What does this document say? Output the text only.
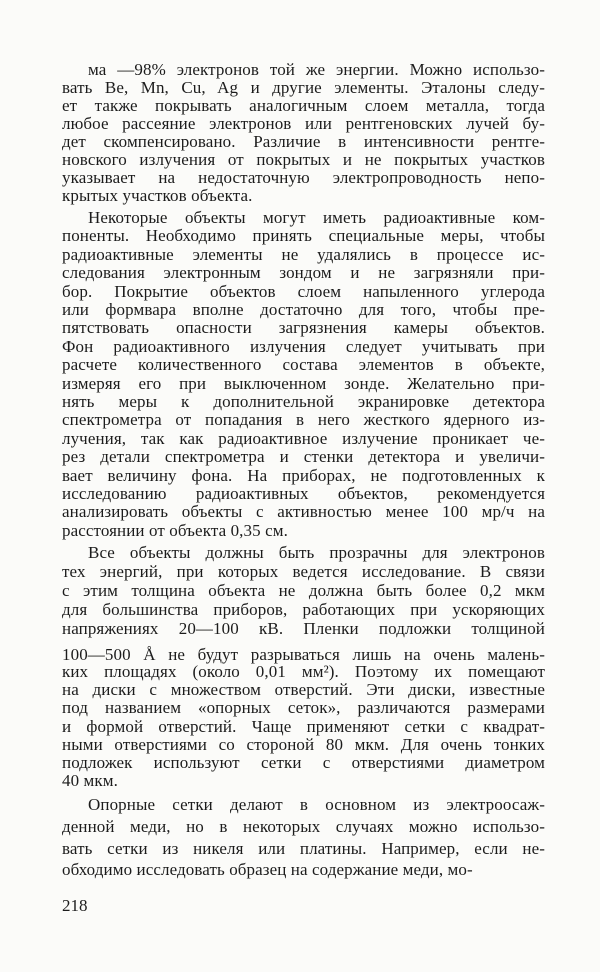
ма —98% электронов той же энергии. Можно использо-
вать Be, Mn, Cu, Ag и другие элементы. Эталоны следу-
ет также покрывать аналогичным слоем металла, тогда
любое рассеяние электронов или рентгеновских лучей бу-
дет скомпенсировано. Различие в интенсивности рентге-
новского излучения от покрытых и не покрытых участков
указывает на недостаточную электропроводность непо-
крытых участков объекта.
Некоторые объекты могут иметь радиоактивные ком-
поненты. Необходимо принять специальные меры, чтобы
радиоактивные элементы не удалялись в процессе ис-
следования электронным зондом и не загрязняли при-
бор. Покрытие объектов слоем напыленного углерода
или формвара вполне достаточно для того, чтобы пре-
пятствовать опасности загрязнения камеры объектов.
Фон радиоактивного излучения следует учитывать при
расчете количественного состава элементов в объекте,
измеряя его при выключенном зонде. Желательно при-
нять меры к дополнительной экранировке детектора
спектрометра от попадания в него жесткого ядерного из-
лучения, так как радиоактивное излучение проникает че-
рез детали спектрометра и стенки детектора и увеличи-
вает величину фона. На приборах, не подготовленных к
исследованию радиоактивных объектов, рекомендуется
анализировать объекты с активностью менее 100 мр/ч на
расстоянии от объекта 0,35 см.
Все объекты должны быть прозрачны для электронов
тех энергий, при которых ведется исследование. В связи
с этим толщина объекта не должна быть более 0,2 мкм
для большинства приборов, работающих при ускоряющих
напряжениях 20—100 кВ. Пленки подложки толщиной
100—500 Å не будут разрываться лишь на очень малень-
ких площадях (около 0,01 мм²). Поэтому их помещают
на диски с множеством отверстий. Эти диски, известные
под названием «опорных сеток», различаются размерами
и формой отверстий. Чаще применяют сетки с квадрат-
ными отверстиями со стороной 80 мкм. Для очень тонких
подложек используют сетки с отверстиями диаметром
40 мкм.
Опорные сетки делают в основном из электроосаж-
денной меди, но в некоторых случаях можно использо-
вать сетки из никеля или платины. Например, если не-
обходимо исследовать образец на содержание меди, мо-
218
